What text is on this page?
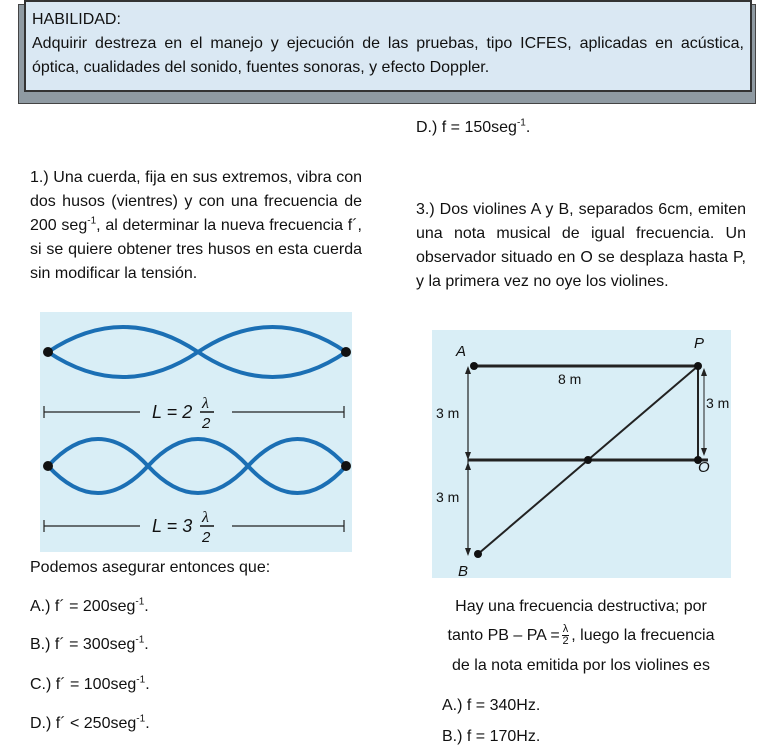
HABILIDAD:
Adquirir destreza en el manejo y ejecución de las pruebas, tipo ICFES, aplicadas en acústica, óptica, cualidades del sonido, fuentes sonoras, y efecto Doppler.
D.) f = 150seg$^{-1}$.
1.) Una cuerda, fija en sus extremos, vibra con dos husos (vientres) y con una frecuencia de 200 seg$^{-1}$, al determinar la nueva frecuencia f´, si se quiere obtener tres husos en esta cuerda sin modificar la tensión.
L = 2 λ
2
L = 3 λ
2
Podemos asegurar entonces que:
A.) f´ = 200seg$^{-1}$.
B.) f´ = 300seg$^{-1}$.
C.) f´ = 100seg$^{-1}$.
D.) f´ < 250seg$^{-1}$.
3.) Dos violines A y B, separados 6cm, emiten una nota musical de igual frecuencia. Un observador situado en O se desplaza hasta P, y la primera vez no oye los violines.
A	P
O
B
8 m
3 m
3 m
3 m
Hay una frecuencia destructiva; por
tanto PB – PA = $\frac{\lambda}{2}$ , luego la frecuencia
de la nota emitida por los violines es
A.) f = 340Hz.
B.) f = 170Hz.
